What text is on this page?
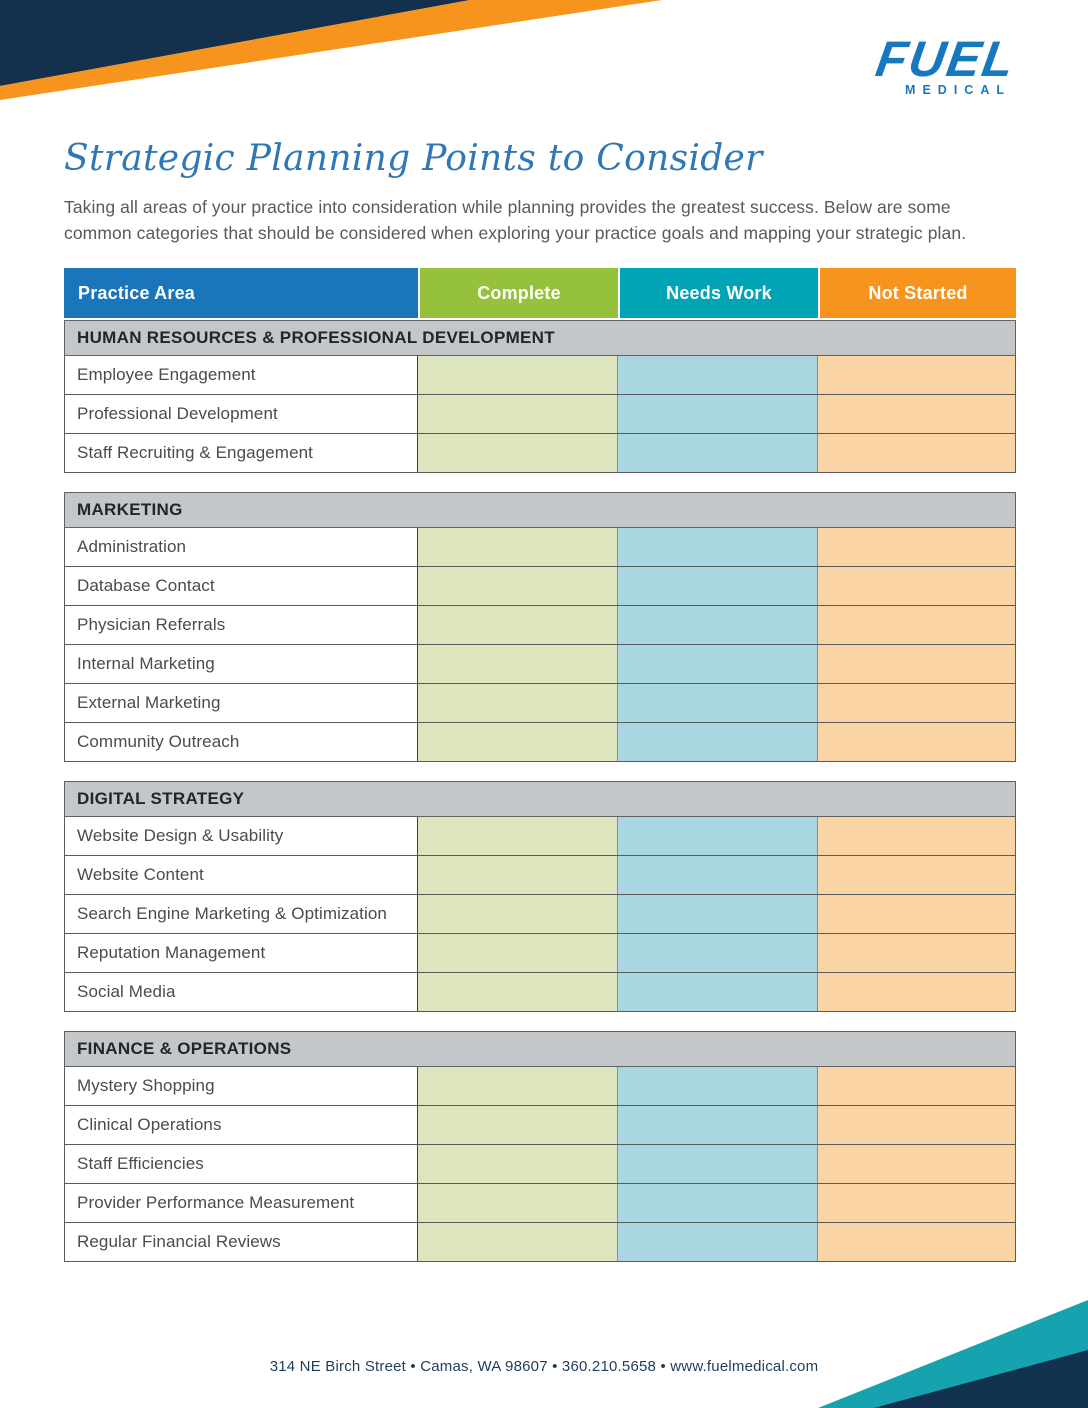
FUEL
MEDICAL
Strategic Planning Points to Consider

Taking all areas of your practice into consideration while planning provides the greatest success. Below are some common categories that should be considered when exploring your practice goals and mapping your strategic plan.

Practice Area	Complete	Needs Work	Not Started
HUMAN RESOURCES & PROFESSIONAL DEVELOPMENT
Employee Engagement
Professional Development
Staff Recruiting & Engagement
MARKETING
Administration
Database Contact
Physician Referrals
Internal Marketing
External Marketing
Community Outreach
DIGITAL STRATEGY
Website Design & Usability
Website Content
Search Engine Marketing & Optimization
Reputation Management
Social Media
FINANCE & OPERATIONS
Mystery Shopping
Clinical Operations
Staff Efficiencies
Provider Performance Measurement
Regular Financial Reviews
314 NE Birch Street • Camas, WA 98607 • 360.210.5658 • www.fuelmedical.com
